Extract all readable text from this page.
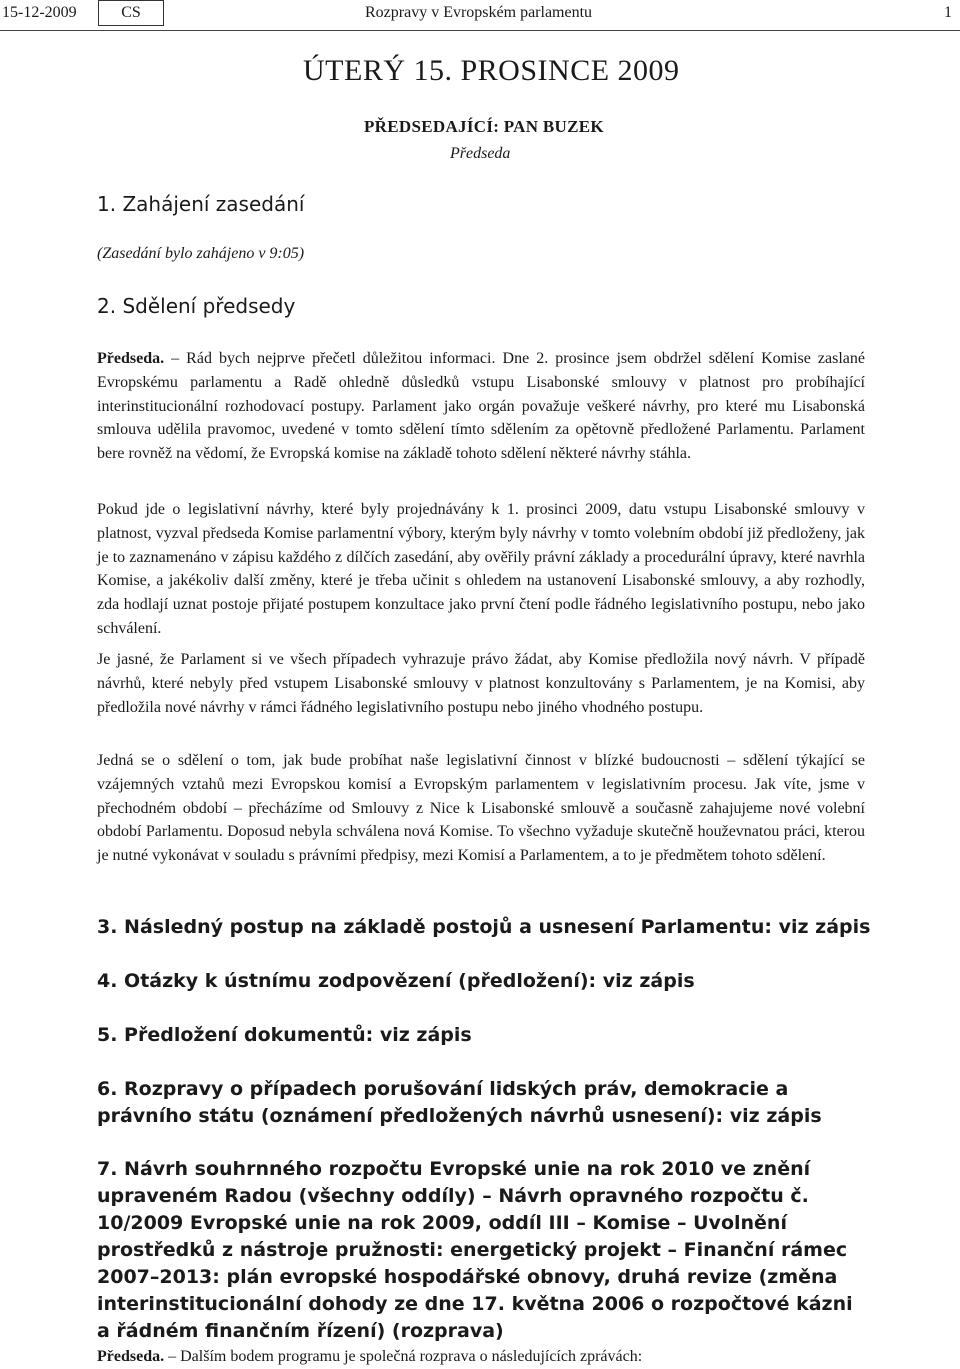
15-12-2009	CS	Rozpravy v Evropském parlamentu	1
ÚTERÝ 15. PROSINCE 2009
PŘEDSEDAJÍCÍ: PAN BUZEK
Předseda
1. Zahájení zasedání
(Zasedání bylo zahájeno v 9:05)
2. Sdělení předsedy

Předseda. – Rád bych nejprve přečetl důležitou informaci. Dne 2. prosince jsem obdržel sdělení Komise zaslané Evropskému parlamentu a Radě ohledně důsledků vstupu Lisabonské smlouvy v platnost pro probíhající interinstitucionální rozhodovací postupy. Parlament jako orgán považuje veškeré návrhy, pro které mu Lisabonská smlouva udělila pravomoc, uvedené v tomto sdělení tímto sdělením za opětovně předložené Parlamentu. Parlament bere rovněž na vědomí, že Evropská komise na základě tohoto sdělení některé návrhy stáhla.

Pokud jde o legislativní návrhy, které byly projednávány k 1. prosinci 2009, datu vstupu Lisabonské smlouvy v platnost, vyzval předseda Komise parlamentní výbory, kterým byly návrhy v tomto volebním období již předloženy, jak je to zaznamenáno v zápisu každého z dílčích zasedání, aby ověřily právní základy a procedurální úpravy, které navrhla Komise, a jakékoliv další změny, které je třeba učinit s ohledem na ustanovení Lisabonské smlouvy, a aby rozhodly, zda hodlají uznat postoje přijaté postupem konzultace jako první čtení podle řádného legislativního postupu, nebo jako schválení.

Je jasné, že Parlament si ve všech případech vyhrazuje právo žádat, aby Komise předložila nový návrh. V případě návrhů, které nebyly před vstupem Lisabonské smlouvy v platnost konzultovány s Parlamentem, je na Komisi, aby předložila nové návrhy v rámci řádného legislativního postupu nebo jiného vhodného postupu.

Jedná se o sdělení o tom, jak bude probíhat naše legislativní činnost v blízké budoucnosti – sdělení týkající se vzájemných vztahů mezi Evropskou komisí a Evropským parlamentem v legislativním procesu. Jak víte, jsme v přechodném období – přecházíme od Smlouvy z Nice k Lisabonské smlouvě a současně zahajujeme nové volební období Parlamentu. Doposud nebyla schválena nová Komise. To všechno vyžaduje skutečně houževnatou práci, kterou je nutné vykonávat v souladu s právními předpisy, mezi Komisí a Parlamentem, a to je předmětem tohoto sdělení.

3. Následný postup na základě postojů a usnesení Parlamentu: viz zápis
4. Otázky k ústnímu zodpovězení (předložení): viz zápis
5. Předložení dokumentů: viz zápis
6. Rozpravy o případech porušování lidských práv, demokracie a právního státu (oznámení předložených návrhů usnesení): viz zápis
7. Návrh souhrnného rozpočtu Evropské unie na rok 2010 ve znění upraveném Radou (všechny oddíly) – Návrh opravného rozpočtu č. 10/2009 Evropské unie na rok 2009, oddíl III – Komise – Uvolnění prostředků z nástroje pružnosti: energetický projekt – Finanční rámec 2007–2013: plán evropské hospodářské obnovy, druhá revize (změna interinstitucionální dohody ze dne 17. května 2006 o rozpočtové kázni a řádném finančním řízení) (rozprava)

Předseda. – Dalším bodem programu je společná rozprava o následujících zprávách:
